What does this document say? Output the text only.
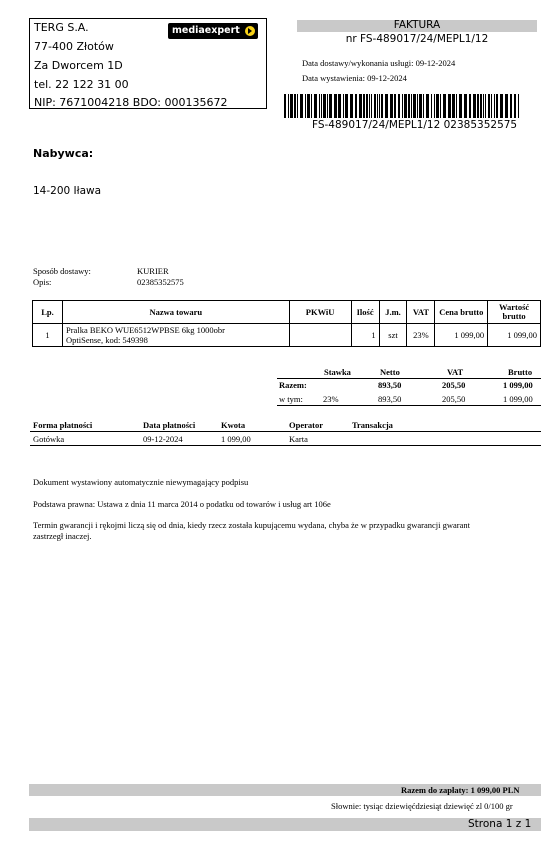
TERG S.A.
77-400 Złotów
Za Dworcem 1D
tel. 22 122 31 00
NIP: 7671004218 BDO: 000135672
mediaexpert	FAKTURA
nr FS-489017/24/MEPL1/12
Data dostawy/wykonania usługi: 09-12-2024
Data wystawienia: 09-12-2024
FS-489017/24/MEPL1/12 02385352575
Nabywca:
14-200 Iława
Sposób dostawy:	KURIER
Opis:	02385352575
Lp.	Nazwa towaru	PKWiU	Ilość	J.m.	VAT	Cena brutto	Wartość brutto
1	Pralka BEKO WUE6512WPBSE 6kg 1000obr
OptiSense, kod: 549398		1	szt	23%	1 099,00	1 099,00
Stawka	Netto	VAT	Brutto
Razem:	893,50	205,50	1 099,00
w tym: 23%	893,50	205,50	1 099,00
Forma płatności	Data płatności	Kwota	Operator	Transakcja
Gotówka	09-12-2024	1 099,00	Karta
Dokument wystawiony automatycznie niewymagający podpisu
Podstawa prawna: Ustawa z dnia 11 marca 2014 o podatku od towarów i usług art 106e
Termin gwarancji i rękojmi liczą się od dnia, kiedy rzecz została kupującemu wydana, chyba że w przypadku gwarancji gwarant
zastrzegł inaczej.
Razem do zapłaty: 1 099,00 PLN
Słownie: tysiąc dziewięćdziesiąt dziewięć zl 0/100 gr
Strona 1 z 1
